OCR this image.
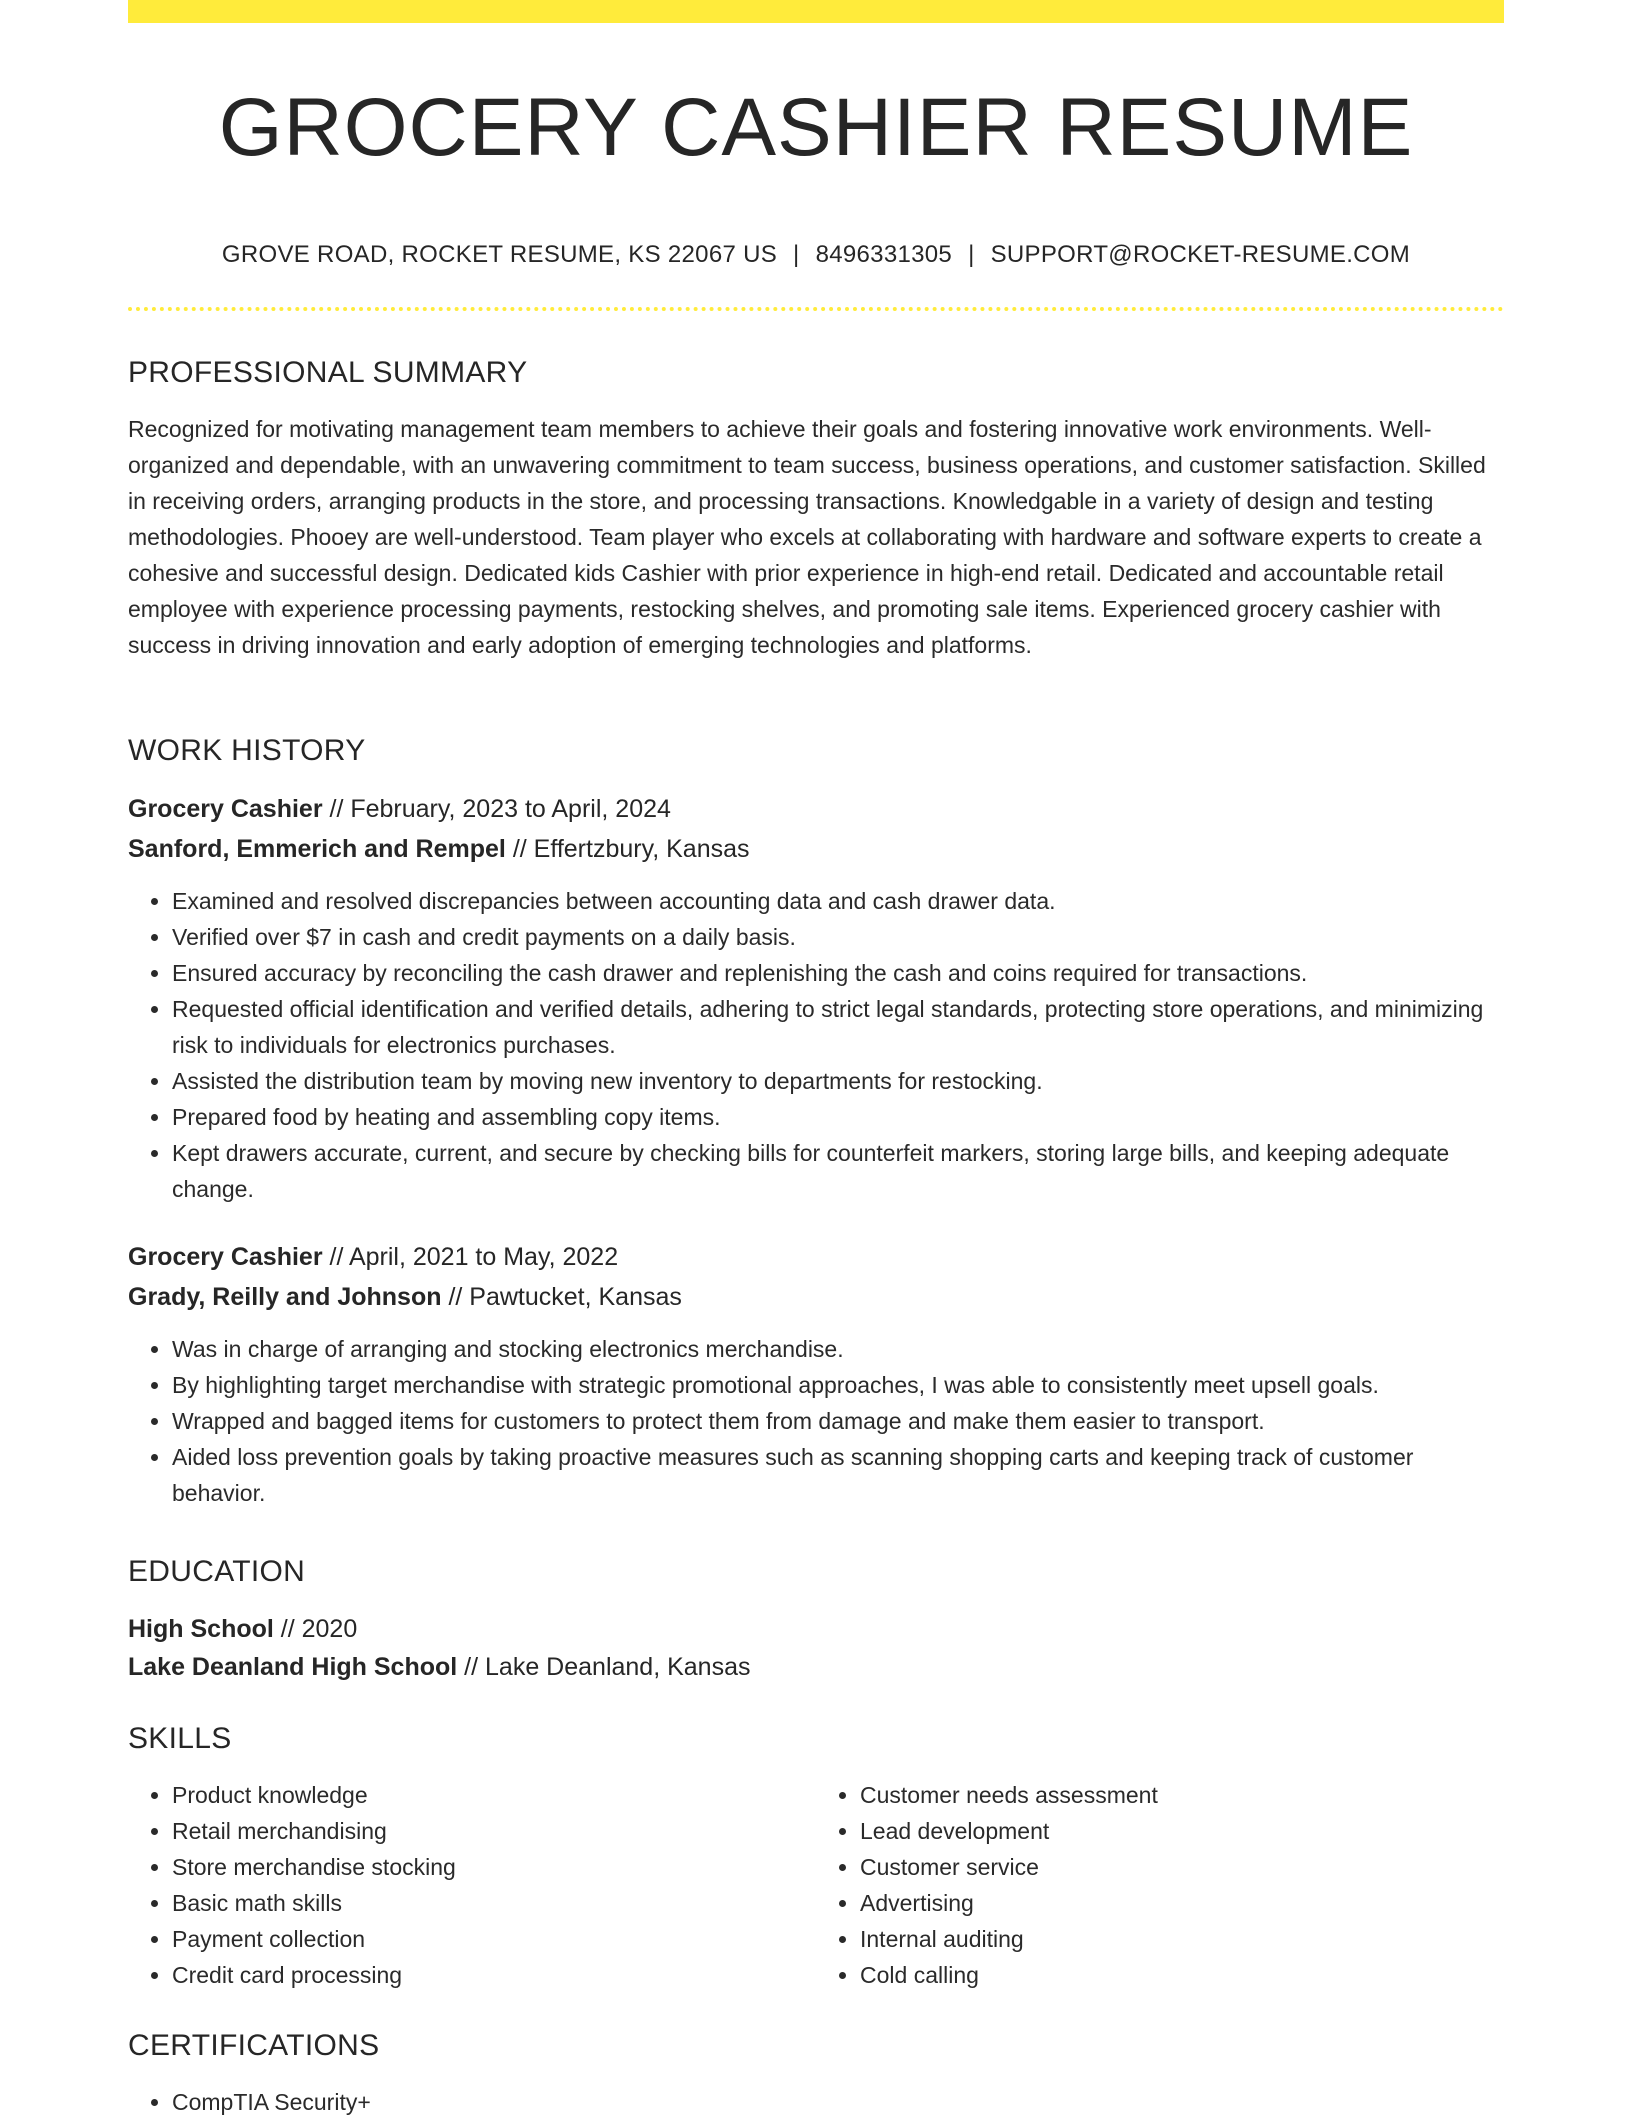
GROCERY CASHIER RESUME
GROVE ROAD, ROCKET RESUME, KS 22067 US | 8496331305 | SUPPORT@ROCKET-RESUME.COM
PROFESSIONAL SUMMARY

Recognized for motivating management team members to achieve their goals and fostering innovative work environments. Well-organized and dependable, with an unwavering commitment to team success, business operations, and customer satisfaction. Skilled in receiving orders, arranging products in the store, and processing transactions. Knowledgable in a variety of design and testing methodologies. Phooey are well-understood. Team player who excels at collaborating with hardware and software experts to create a cohesive and successful design. Dedicated kids Cashier with prior experience in high-end retail. Dedicated and accountable retail employee with experience processing payments, restocking shelves, and promoting sale items. Experienced grocery cashier with success in driving innovation and early adoption of emerging technologies and platforms.

WORK HISTORY

Grocery Cashier // February, 2023 to April, 2024

Sanford, Emmerich and Rempel // Effertzbury, Kansas

• Examined and resolved discrepancies between accounting data and cash drawer data.
• Verified over $7 in cash and credit payments on a daily basis.
• Ensured accuracy by reconciling the cash drawer and replenishing the cash and coins required for transactions.
• Requested official identification and verified details, adhering to strict legal standards, protecting store operations, and minimizing risk to individuals for electronics purchases.
• Assisted the distribution team by moving new inventory to departments for restocking.
• Prepared food by heating and assembling copy items.
• Kept drawers accurate, current, and secure by checking bills for counterfeit markers, storing large bills, and keeping adequate change.

Grocery Cashier // April, 2021 to May, 2022

Grady, Reilly and Johnson // Pawtucket, Kansas

• Was in charge of arranging and stocking electronics merchandise.
• By highlighting target merchandise with strategic promotional approaches, I was able to consistently meet upsell goals.
• Wrapped and bagged items for customers to protect them from damage and make them easier to transport.
• Aided loss prevention goals by taking proactive measures such as scanning shopping carts and keeping track of customer behavior.
EDUCATION

High School // 2020

Lake Deanland High School // Lake Deanland, Kansas

SKILLS
• Product knowledge
• Retail merchandising
• Store merchandise stocking
• Basic math skills
• Payment collection
• Credit card processing
• Customer needs assessment
• Lead development
• Customer service
• Advertising
• Internal auditing
• Cold calling
CERTIFICATIONS
• CompTIA Security+
